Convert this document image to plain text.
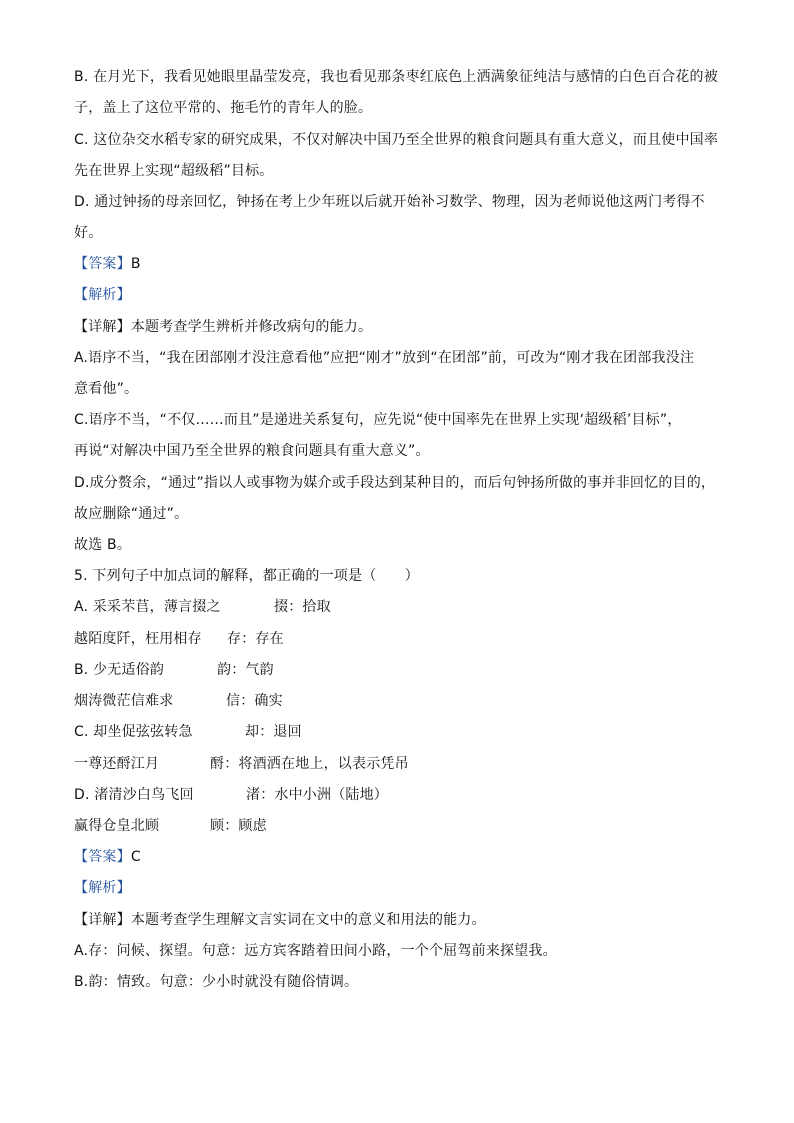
B. 在月光下，我看见她眼里晶莹发亮，我也看见那条枣红底色上洒满象征纯洁与感情的白色百合花的被
子，盖上了这位平常的、拖毛竹的青年人的脸。
C. 这位杂交水稻专家的研究成果，不仅对解决中国乃至全世界的粮食问题具有重大意义，而且使中国率
先在世界上实现“超级稻”目标。
D. 通过钟扬的母亲回忆，钟扬在考上少年班以后就开始补习数学、物理，因为老师说他这两门考得不
好。
【答案】B
【解析】
【详解】本题考查学生辨析并修改病句的能力。
A.语序不当，“我在团部刚才没注意看他”应把“刚才”放到“在团部”前，可改为“刚才我在团部我没注
意看他”。
C.语序不当，“不仅……而且”是递进关系复句，应先说“使中国率先在世界上实现‘超级稻’目标”，
再说“对解决中国乃至全世界的粮食问题具有重大意义”。
D.成分赘余，“通过”指以人或事物为媒介或手段达到某种目的，而后句钟扬所做的事并非回忆的目的，
故应删除“通过”。
故选 B。
5. 下列句子中加点词的解释，都正确的一项是（　　）
A. 采采芣苢，薄言掇之	掇：拾取
越陌度阡，枉用相存 存：存在
B. 少无适俗韵	韵：气韵
烟涛微茫信难求	信：确实
C. 却坐促弦弦转急	却：退回
一尊还酹江月	酹：将酒洒在地上，以表示凭吊
D. 渚清沙白鸟飞回	渚：水中小洲（陆地）
赢得仓皇北顾	顾：顾虑
【答案】C
【解析】
【详解】本题考查学生理解文言实词在文中的意义和用法的能力。
A.存：问候、探望。句意：远方宾客踏着田间小路，一个个屈驾前来探望我。
B.韵：情致。句意：少小时就没有随俗情调。
